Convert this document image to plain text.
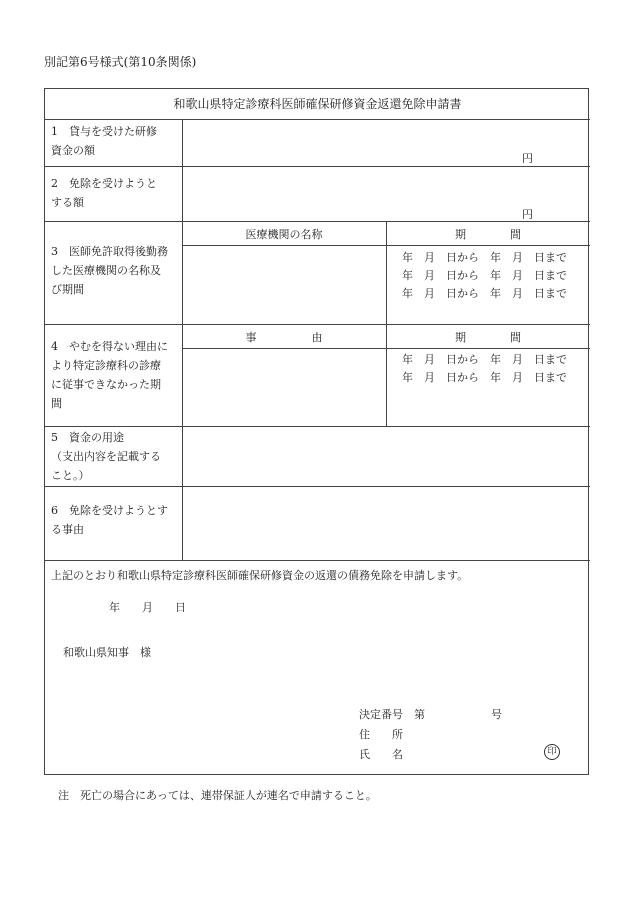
別記第6号様式(第10条関係)
和歌山県特定診療科医師確保研修資金返還免除申請書
1　貸与を受けた研修
資金の額
円
2　免除を受けようと
する額
円
3　医師免許取得後勤務
した医療機関の名称及
び期間
医療機関の名称	期　　　　間
年　月　日から　年　月　日まで
年　月　日から　年　月　日まで
年　月　日から　年　月　日まで
4　やむを得ない理由に
より特定診療科の診療
に従事できなかった期
間
事　　　　　由	期　　　　間
年　月　日から　年　月　日まで
年　月　日から　年　月　日まで
5　資金の用途
（支出内容を記載する
こと。）
6　免除を受けようとす
る事由
上記のとおり和歌山県特定診療科医師確保研修資金の返還の債務免除を申請します。
年　　月　　日
和歌山県知事　様
決定番号　第　　　　　　号
住　　所
氏　　名	印
注　死亡の場合にあっては、連帯保証人が連名で申請すること。
